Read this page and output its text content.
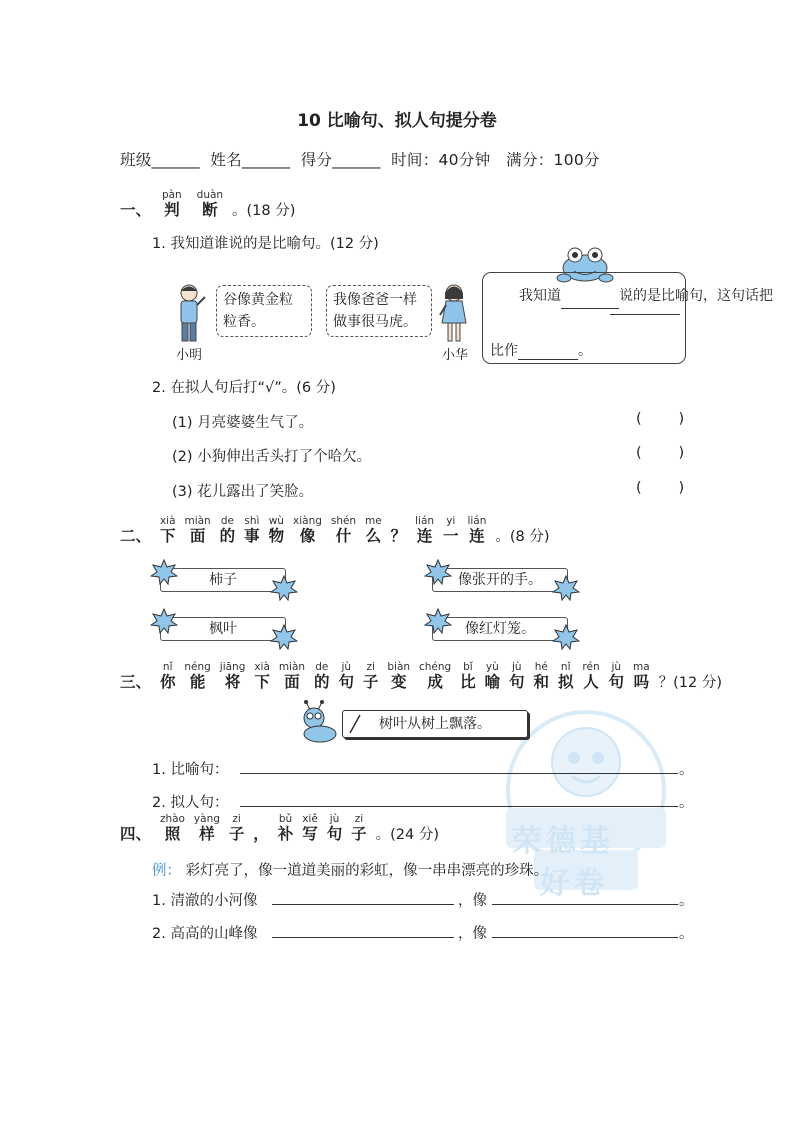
10 比喻句、拟人句提分卷
班级______ 姓名______ 得分______ 时间：40分钟 满分：100分
荣德基
好卷
一、

pàn
判

duàn
断
。(18 分)
1. 我知道谁说的是比喻句。(12 分)
小明
谷像黄金粒粒香。
我像爸爸一样做事很马虎。
小华
我知道	说的是比喻句，这句话把
比作	。
2. 在拟人句后打“√”。(6 分)
(1) 月亮婆婆生气了。	(        )
(2) 小狗伸出舌头打了个哈欠。	(        )
(3) 花儿露出了笑脸。	(        )
二、

xià
下

miàn
面

de
的

shì
事

wù
物

xiàng
像

shén
什

me
么
？

lián
连

yi
一

lián
连
。(8 分)
柿子
枫叶
像张开的手。
像红灯笼。
三、

nǐ
你

néng
能

jiāng
将

xià
下

miàn
面

de
的

jù
句

zi
子

biàn
变

chéng
成

bǐ
比

yù
喻

jù
句

hé
和

nǐ
拟

rén
人

jù
句

ma
吗
？(12 分)
树叶从树上飘落。
1. 比喻句：	。
2. 拟人句：	。
四、

zhào
照

yàng
样

zi
子
，

bǔ
补

xiě
写

jù
句

zi
子
。(24 分)
例： 彩灯亮了，像一道道美丽的彩虹，像一串串漂亮的珍珠。
1. 清澈的小河像	，像	。
2. 高高的山峰像	，像	。
